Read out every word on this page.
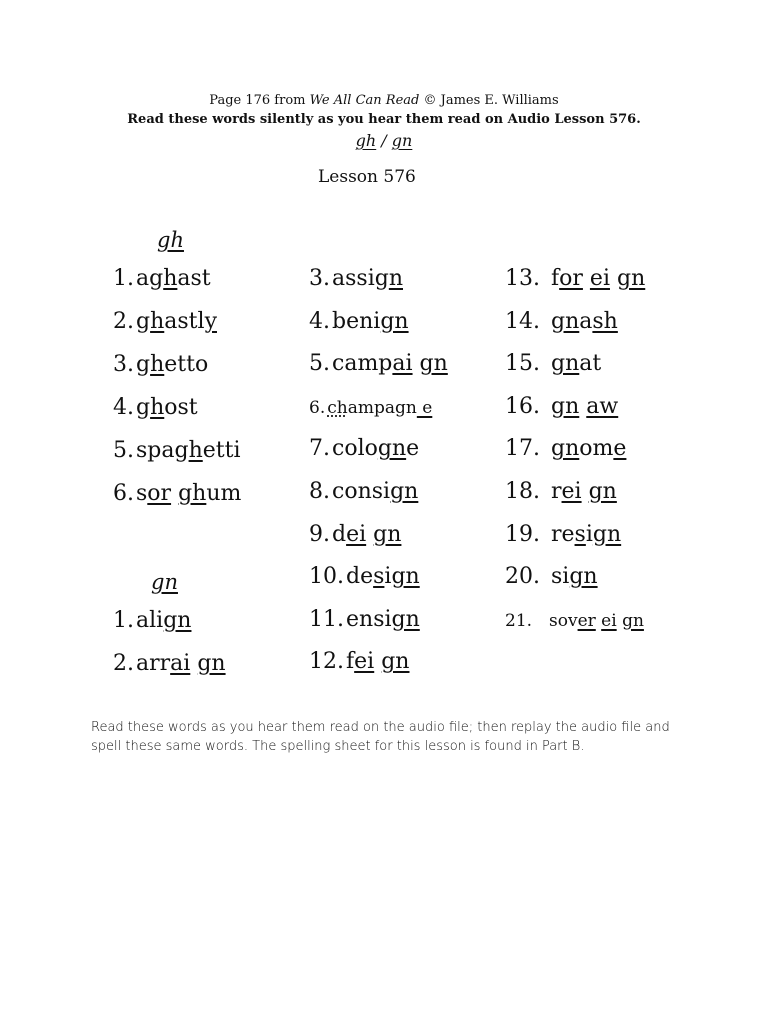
Page 176 from We All Can Read © James E. Williams
Read these words silently as you hear them read on Audio Lesson 576.
gh / gn
Lesson 576
gh
gn
1.aghast
2.ghastly
3.ghetto
4.ghost
5.spaghetti
6.sor ghum
1.align
2.arrai gn
3.assign
4.benign
5.campai gn
6. champagn e
7.cologne
8.consign
9.dei gn
10.design
11.ensign
12.fei gn
13. for ei gn
14. gnash
15. gnat
16. gn aw
17. gnome
18. rei gn
19. resign
20. sign
21. sover ei gn
Read these words as you hear them read on the audio file; then replay the audio file and spell these same words. The spelling sheet for this lesson is found in Part B.
